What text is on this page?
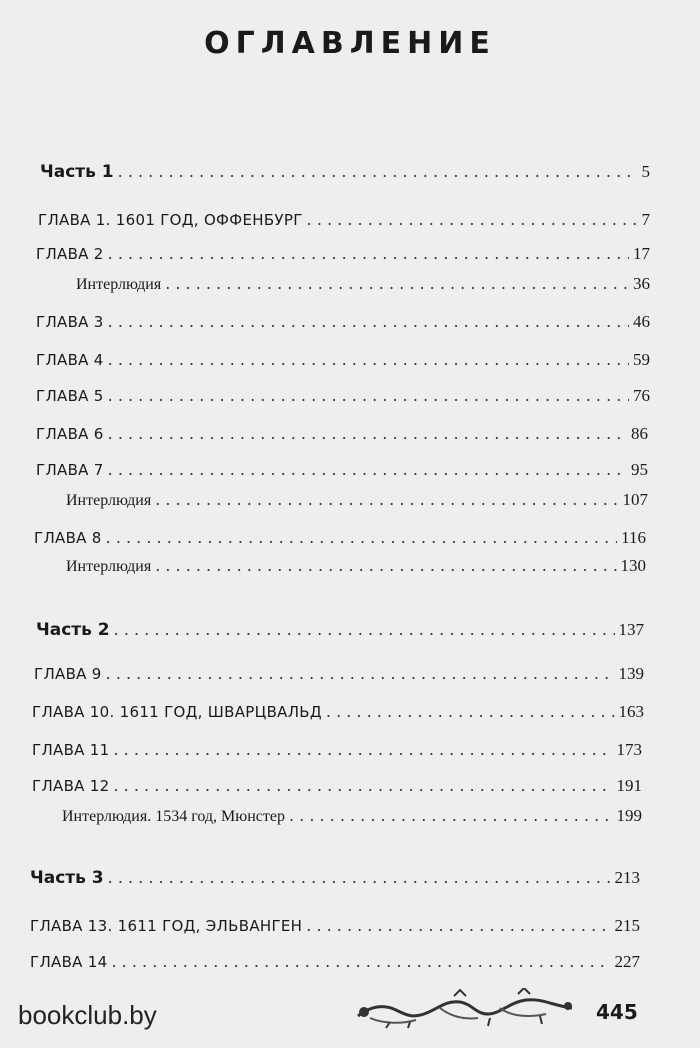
ОГЛАВЛЕНИЕ
Часть 1 . . .	5
ГЛАВА 1. 1601 ГОД, ОФФЕНБУРГ . . .	7
ГЛАВА 2 . . .	17
Интерлюдия . . .	36
ГЛАВА 3 . . .	46
ГЛАВА 4 . . .	59
ГЛАВА 5 . . .	76
ГЛАВА 6 . . .	86
ГЛАВА 7 . . .	95
Интерлюдия . . .	107
ГЛАВА 8 . . .	116
Интерлюдия . . .	130
Часть 2 . . .	137
ГЛАВА 9 . . .	139
ГЛАВА 10. 1611 ГОД, ШВАРЦВАЛЬД . . .	163
ГЛАВА 11 . . .	173
ГЛАВА 12 . . .	191
Интерлюдия. 1534 год, Мюнстер . . .	199
Часть 3 . . .	213
ГЛАВА 13. 1611 ГОД, ЭЛЬВАНГЕН . . .	215
ГЛАВА 14 . . .	227
bookclub.by	445
